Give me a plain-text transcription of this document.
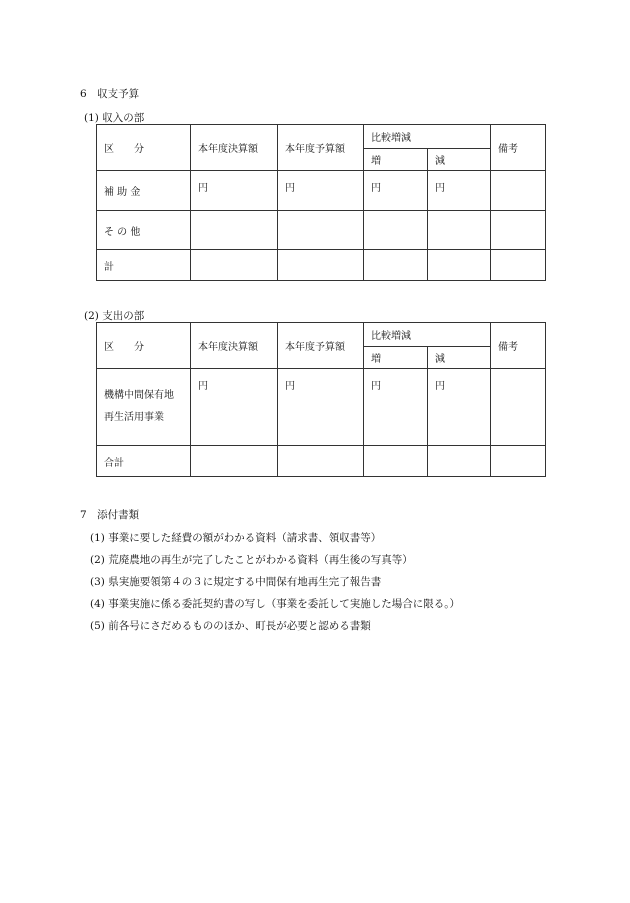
6　収支予算
(1) 収入の部
区　　分	本年度決算額	本年度予算額	比較増減		備考
			増	減	
補 助 金	円	円	円	円	
そ の 他					
計					
(2) 支出の部
区　　分	本年度決算額	本年度予算額	比較増減		備考
			増	減	

機構中間保有地
再生活用事業	円	円	円	円	
合計					
7　添付書類
(1) 事業に要した経費の額がわかる資料（請求書、領収書等）
(2) 荒廃農地の再生が完了したことがわかる資料（再生後の写真等）
(3) 県実施要領第４の３に規定する中間保有地再生完了報告書
(4) 事業実施に係る委託契約書の写し（事業を委託して実施した場合に限る。）
(5) 前各号にさだめるもののほか、町長が必要と認める書類
